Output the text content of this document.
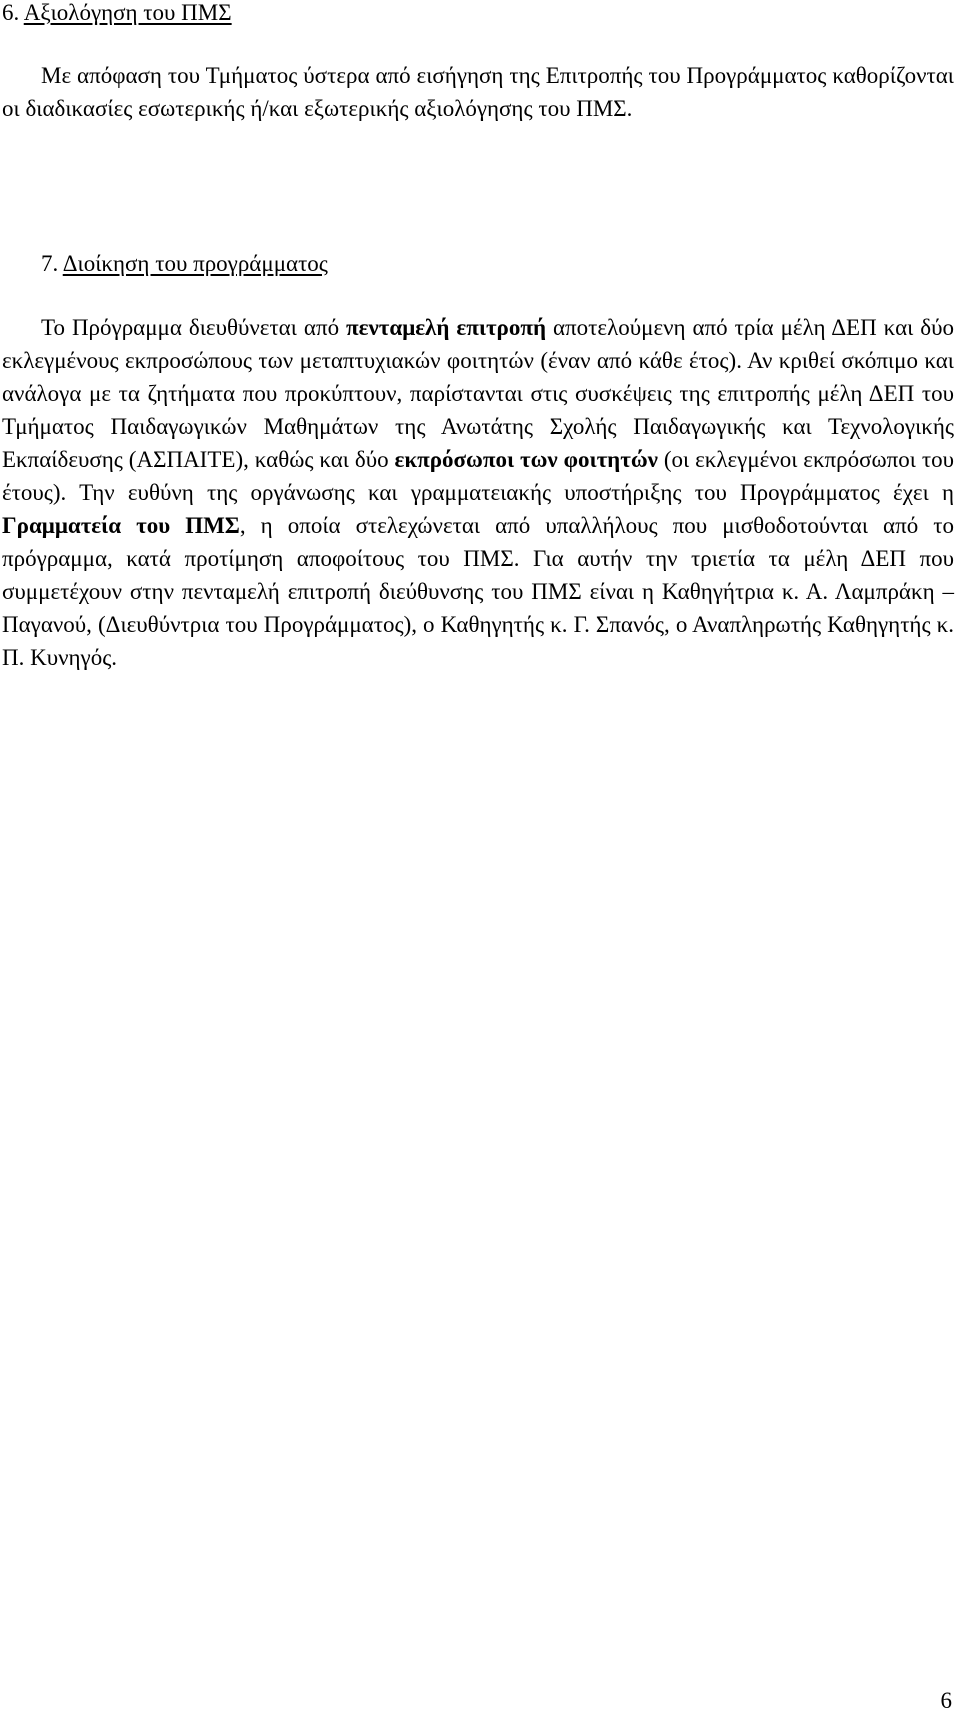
6. Αξιολόγηση του ΠΜΣ

Με απόφαση του Τμήματος ύστερα από εισήγηση της Επιτροπής του Προγράμματος καθορίζονται οι διαδικασίες εσωτερικής ή/και εξωτερικής αξιολόγησης του ΠΜΣ.

7. Διοίκηση του προγράμματος

Το Πρόγραμμα διευθύνεται από πενταμελή επιτροπή αποτελούμενη από τρία μέλη ΔΕΠ και δύο εκλεγμένους εκπροσώπους των μεταπτυχιακών φοιτητών (έναν από κάθε έτος). Αν κριθεί σκόπιμο και ανάλογα με τα ζητήματα που προκύπτουν, παρίστανται στις συσκέψεις της επιτροπής μέλη ΔΕΠ του Τμήματος Παιδαγωγικών Μαθημάτων της Ανωτάτης Σχολής Παιδαγωγικής και Τεχνολογικής Εκπαίδευσης (ΑΣΠΑΙΤΕ), καθώς και δύο εκπρόσωποι των φοιτητών (οι εκλεγμένοι εκπρόσωποι του έτους). Την ευθύνη της οργάνωσης και γραμματειακής υποστήριξης του Προγράμματος έχει η Γραμματεία του ΠΜΣ, η οποία στελεχώνεται από υπαλλήλους που μισθοδοτούνται από το πρόγραμμα, κατά προτίμηση αποφοίτους του ΠΜΣ. Για αυτήν την τριετία τα μέλη ΔΕΠ που συμμετέχουν στην πενταμελή επιτροπή διεύθυνσης του ΠΜΣ είναι η Καθηγήτρια κ. Α. Λαμπράκη – Παγανού, (Διευθύντρια του Προγράμματος), ο Καθηγητής κ. Γ. Σπανός, ο Αναπληρωτής Καθηγητής κ. Π. Κυνηγός.

6
